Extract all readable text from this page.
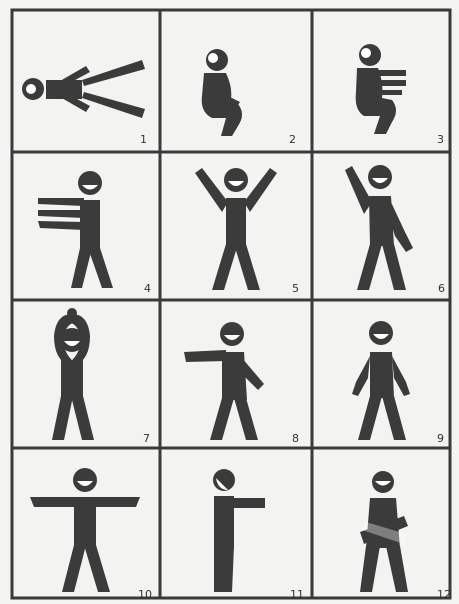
1	2	3
4	5	6
7	8	9
10	11	12
